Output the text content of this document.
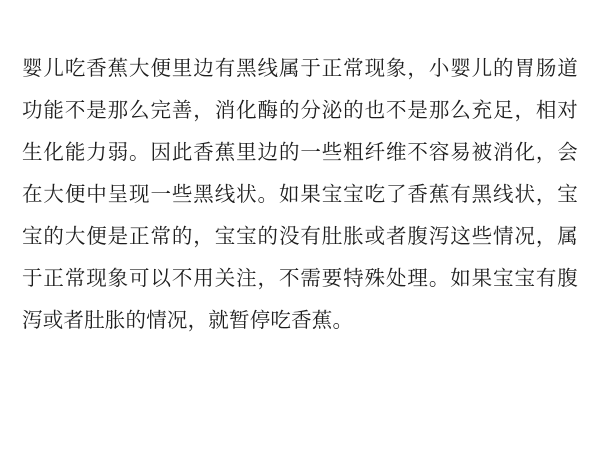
婴儿吃香蕉大便里边有黑线属于正常现象，小婴儿的胃肠道功能不是那么完善，消化酶的分泌的也不是那么充足，相对生化能力弱。因此香蕉里边的一些粗纤维不容易被消化，会在大便中呈现一些黑线状。如果宝宝吃了香蕉有黑线状，宝宝的大便是正常的，宝宝的没有肚胀或者腹泻这些情况，属于正常现象可以不用关注，不需要特殊处理。如果宝宝有腹泻或者肚胀的情况，就暂停吃香蕉。
